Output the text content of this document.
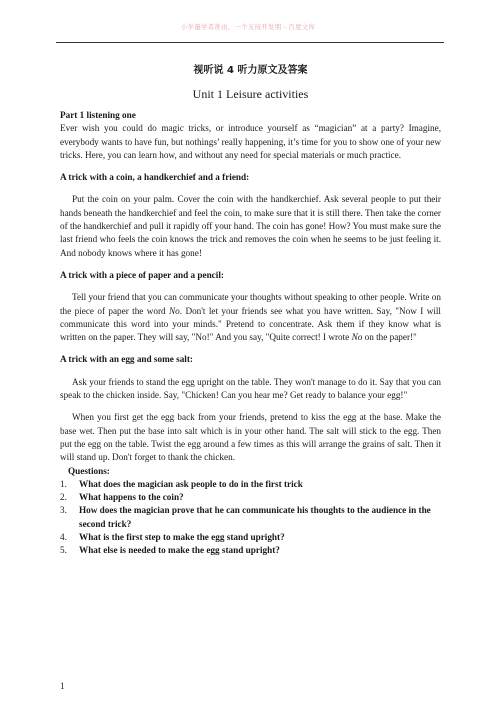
小学量学者准由，一个支持开发期 - 百度文库
视听说 4 听力原文及答案
Unit 1 Leisure activities
Part 1 listening one

Ever wish you could do magic tricks, or introduce yourself as “magician” at a party? Imagine, everybody wants to have fun, but nothings’ really happening, it’s time for you to show one of your new tricks. Here, you can learn how, and without any need for special materials or much practice.

A trick with a coin, a handkerchief and a friend:

Put the coin on your palm. Cover the coin with the handkerchief. Ask several people to put their hands beneath the handkerchief and feel the coin, to make sure that it is still there. Then take the corner of the handkerchief and pull it rapidly off your hand. The coin has gone! How? You must make sure the last friend who feels the coin knows the trick and removes the coin when he seems to be just feeling it. And nobody knows where it has gone!

A trick with a piece of paper and a pencil:

Tell your friend that you can communicate your thoughts without speaking to other people. Write on the piece of paper the word No. Don't let your friends see what you have written. Say, "Now I will communicate this word into your minds." Pretend to concentrate. Ask them if they know what is written on the paper. They will say, "No!" And you say, "Quite correct! I wrote No on the paper!"

A trick with an egg and some salt:

Ask your friends to stand the egg upright on the table. They won't manage to do it. Say that you can speak to the chicken inside. Say, "Chicken! Can you hear me? Get ready to balance your egg!"

When you first get the egg back from your friends, pretend to kiss the egg at the base. Make the base wet. Then put the base into salt which is in your other hand. The salt will stick to the egg. Then put the egg on the table. Twist the egg around a few times as this will arrange the grains of salt. Then it will stand up. Don't forget to thank the chicken.

Questions:
1.	What does the magician ask people to do in the first trick
2.	What happens to the coin?
3.	How does the magician prove that he can communicate his thoughts to the audience in the second trick?
4.	What is the first step to make the egg stand upright?
5.	What else is needed to make the egg stand upright?
1
